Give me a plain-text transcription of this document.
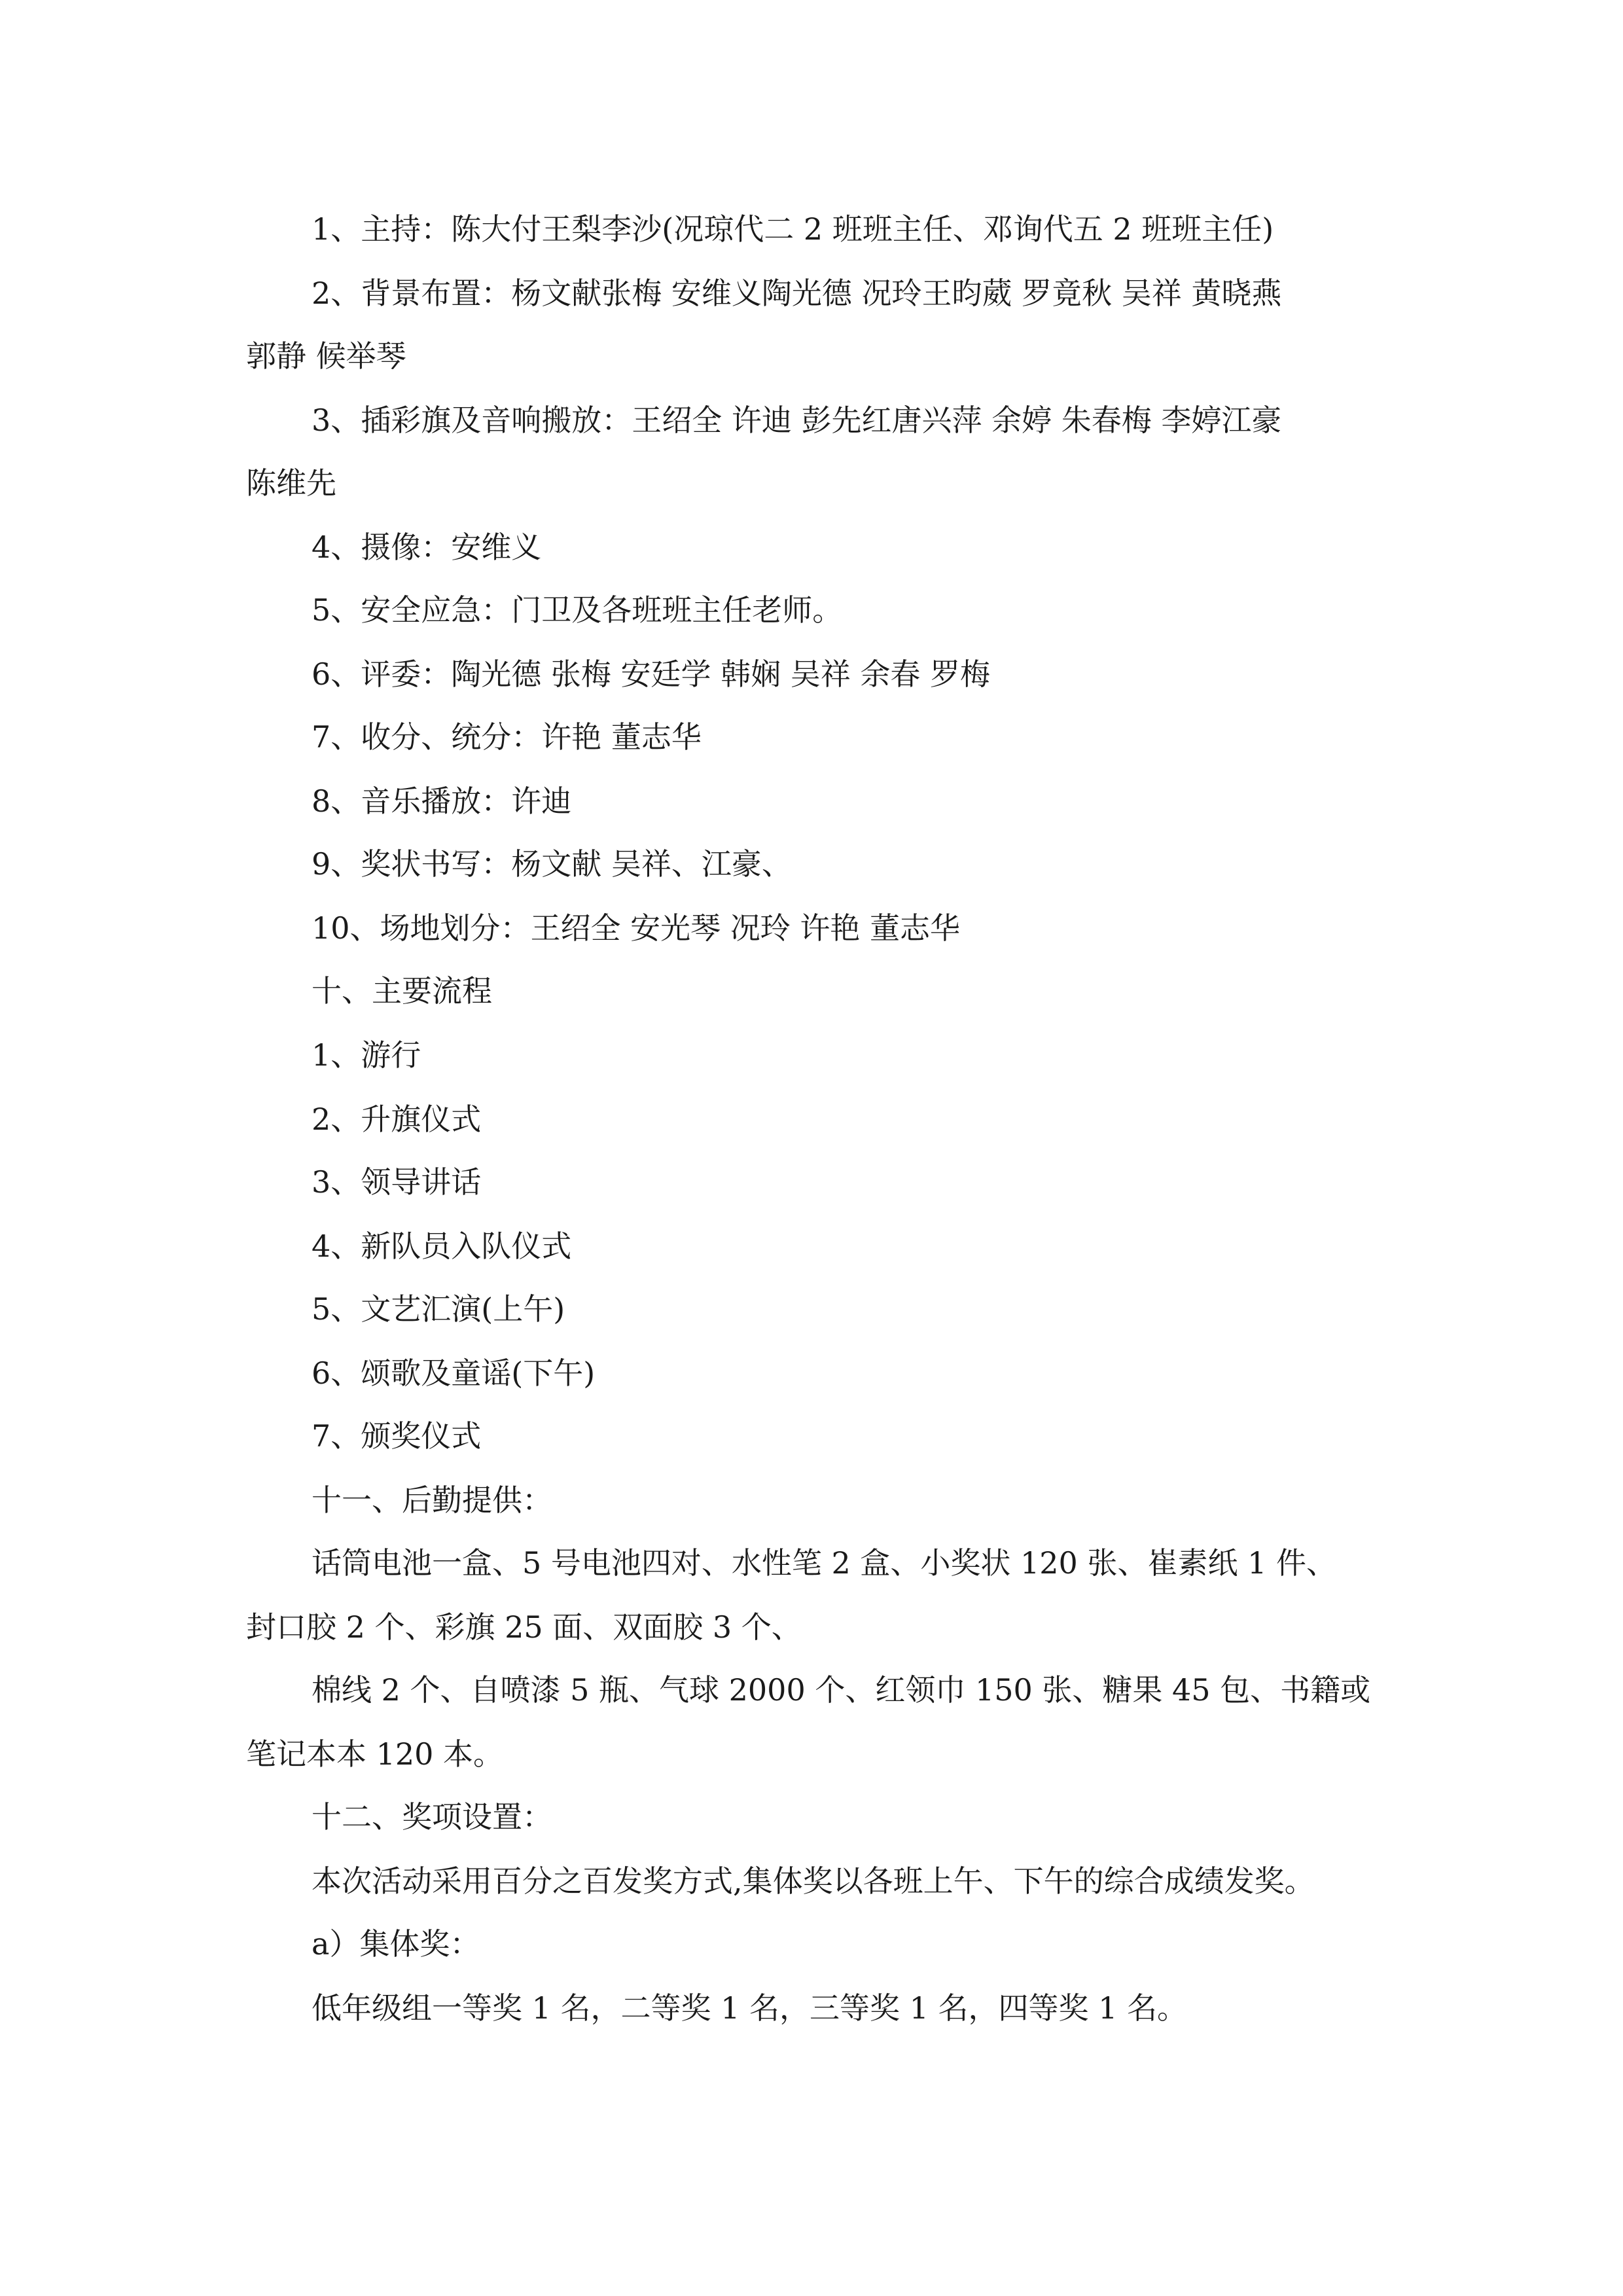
1、主持：陈大付王梨李沙(况琼代二 2 班班主任、邓询代五 2 班班主任)
2、背景布置：杨文献张梅 安维义陶光德 况玲王昀葳 罗竟秋 吴祥 黄晓燕
郭静 候举琴
3、插彩旗及音响搬放：王绍全 许迪 彭先红唐兴萍 余婷 朱春梅 李婷江豪
陈维先
4、摄像：安维义
5、安全应急：门卫及各班班主任老师。
6、评委：陶光德 张梅 安廷学 韩娴 吴祥 余春 罗梅
7、收分、统分：许艳 董志华
8、音乐播放：许迪
9、奖状书写：杨文献 吴祥、江豪、
10、场地划分：王绍全 安光琴 况玲 许艳 董志华
十、主要流程
1、游行
2、升旗仪式
3、领导讲话
4、新队员入队仪式
5、文艺汇演(上午)
6、颂歌及童谣(下午)
7、颁奖仪式
十一、后勤提供：
话筒电池一盒、5 号电池四对、水性笔 2 盒、小奖状 120 张、崔素纸 1 件、
封口胶 2 个、彩旗 25 面、双面胶 3 个、
棉线 2 个、自喷漆 5 瓶、气球 2000 个、红领巾 150 张、糖果 45 包、书籍或
笔记本本 120 本。
十二、奖项设置：
本次活动采用百分之百发奖方式,集体奖以各班上午、下午的综合成绩发奖。
a）集体奖：
低年级组一等奖 1 名，二等奖 1 名，三等奖 1 名，四等奖 1 名。
